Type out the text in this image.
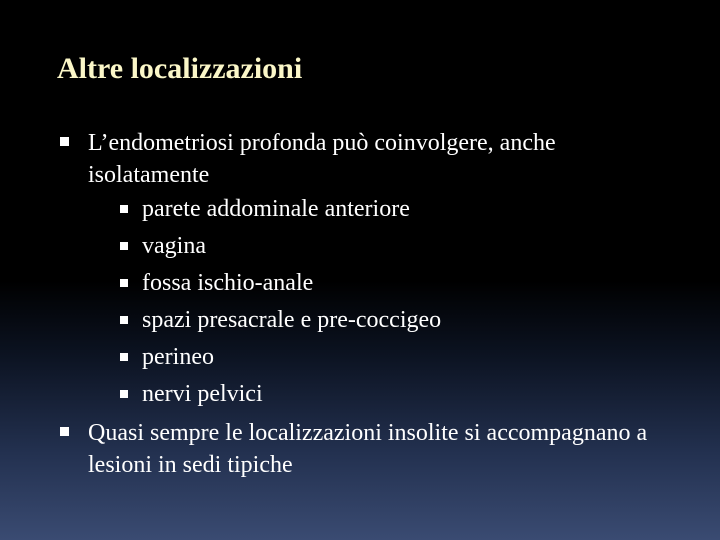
Altre localizzazioni
L’endometriosi profonda può coinvolgere, anche isolatamente
parete addominale anteriore
vagina
fossa ischio-anale
spazi presacrale e pre-coccigeo
perineo
nervi pelvici
Quasi sempre le localizzazioni insolite si accompagnano a lesioni in sedi tipiche
